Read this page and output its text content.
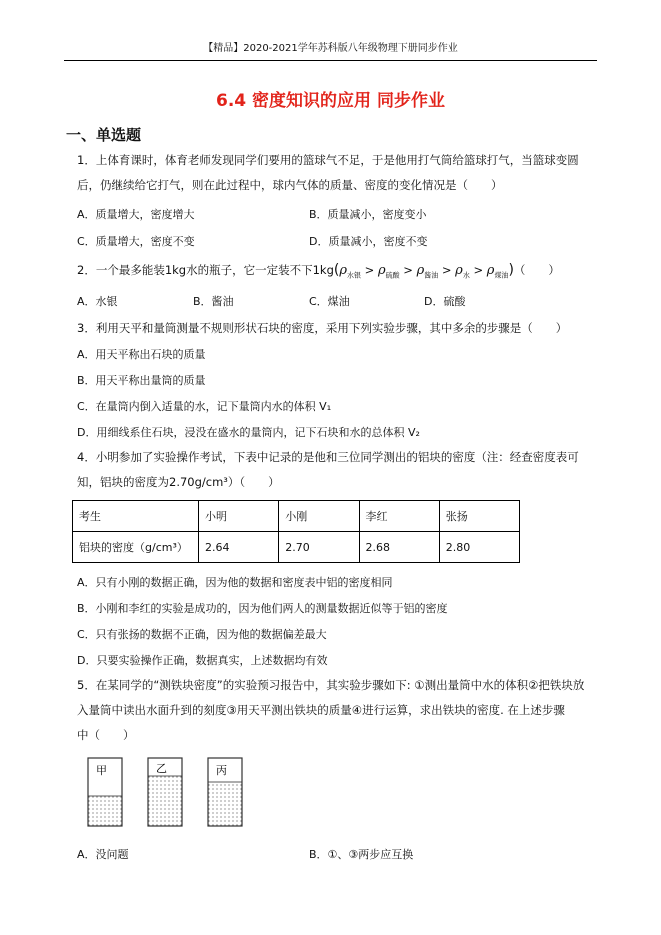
【精品】2020-2021学年苏科版八年级物理下册同步作业
6.4 密度知识的应用 同步作业
一、单选题
1．上体育课时，体育老师发现同学们要用的篮球气不足，于是他用打气筒给篮球打气，当篮球变圆
后，仍继续给它打气，则在此过程中，球内气体的质量、密度的变化情况是（　　）
A．质量增大，密度增大	B．质量减小，密度变小
C．质量增大，密度不变	D．质量减小，密度不变
2．一个最多能装1kg水的瓶子，它一定装不下$1kg(\rho_{水银} > \rho_{硫酸} > \rho_{酱油} > \rho_水 > \rho_{煤油})$（　　）
A．水银	B．酱油	C．煤油	D．硫酸
3．利用天平和量筒测量不规则形状石块的密度，采用下列实验步骤，其中多余的步骤是（　　）
A．用天平称出石块的质量
B．用天平称出量筒的质量
C．在量筒内倒入适量的水，记下量筒内水的体积 V₁
D．用细线系住石块，浸没在盛水的量筒内，记下石块和水的总体积 V₂
4．小明参加了实验操作考试，下表中记录的是他和三位同学测出的铝块的密度（注：经查密度表可
知，铝块的密度为2.70g/cm³）（　　）
考生	小明	小刚	李红	张扬
铝块的密度（g/cm³）	2.64	2.70	2.68	2.80
A．只有小刚的数据正确，因为他的数据和密度表中铝的密度相同
B．小刚和李红的实验是成功的，因为他们两人的测量数据近似等于铝的密度
C．只有张扬的数据不正确，因为他的数据偏差最大
D．只要实验操作正确，数据真实，上述数据均有效
5．在某同学的“测铁块密度”的实验预习报告中，其实验步骤如下: ①测出量筒中水的体积②把铁块放
入量筒中读出水面升到的刻度③用天平测出铁块的质量④进行运算，求出铁块的密度. 在上述步骤
中（　　）
甲	乙	丙
A．没问题	B．①、③两步应互换
